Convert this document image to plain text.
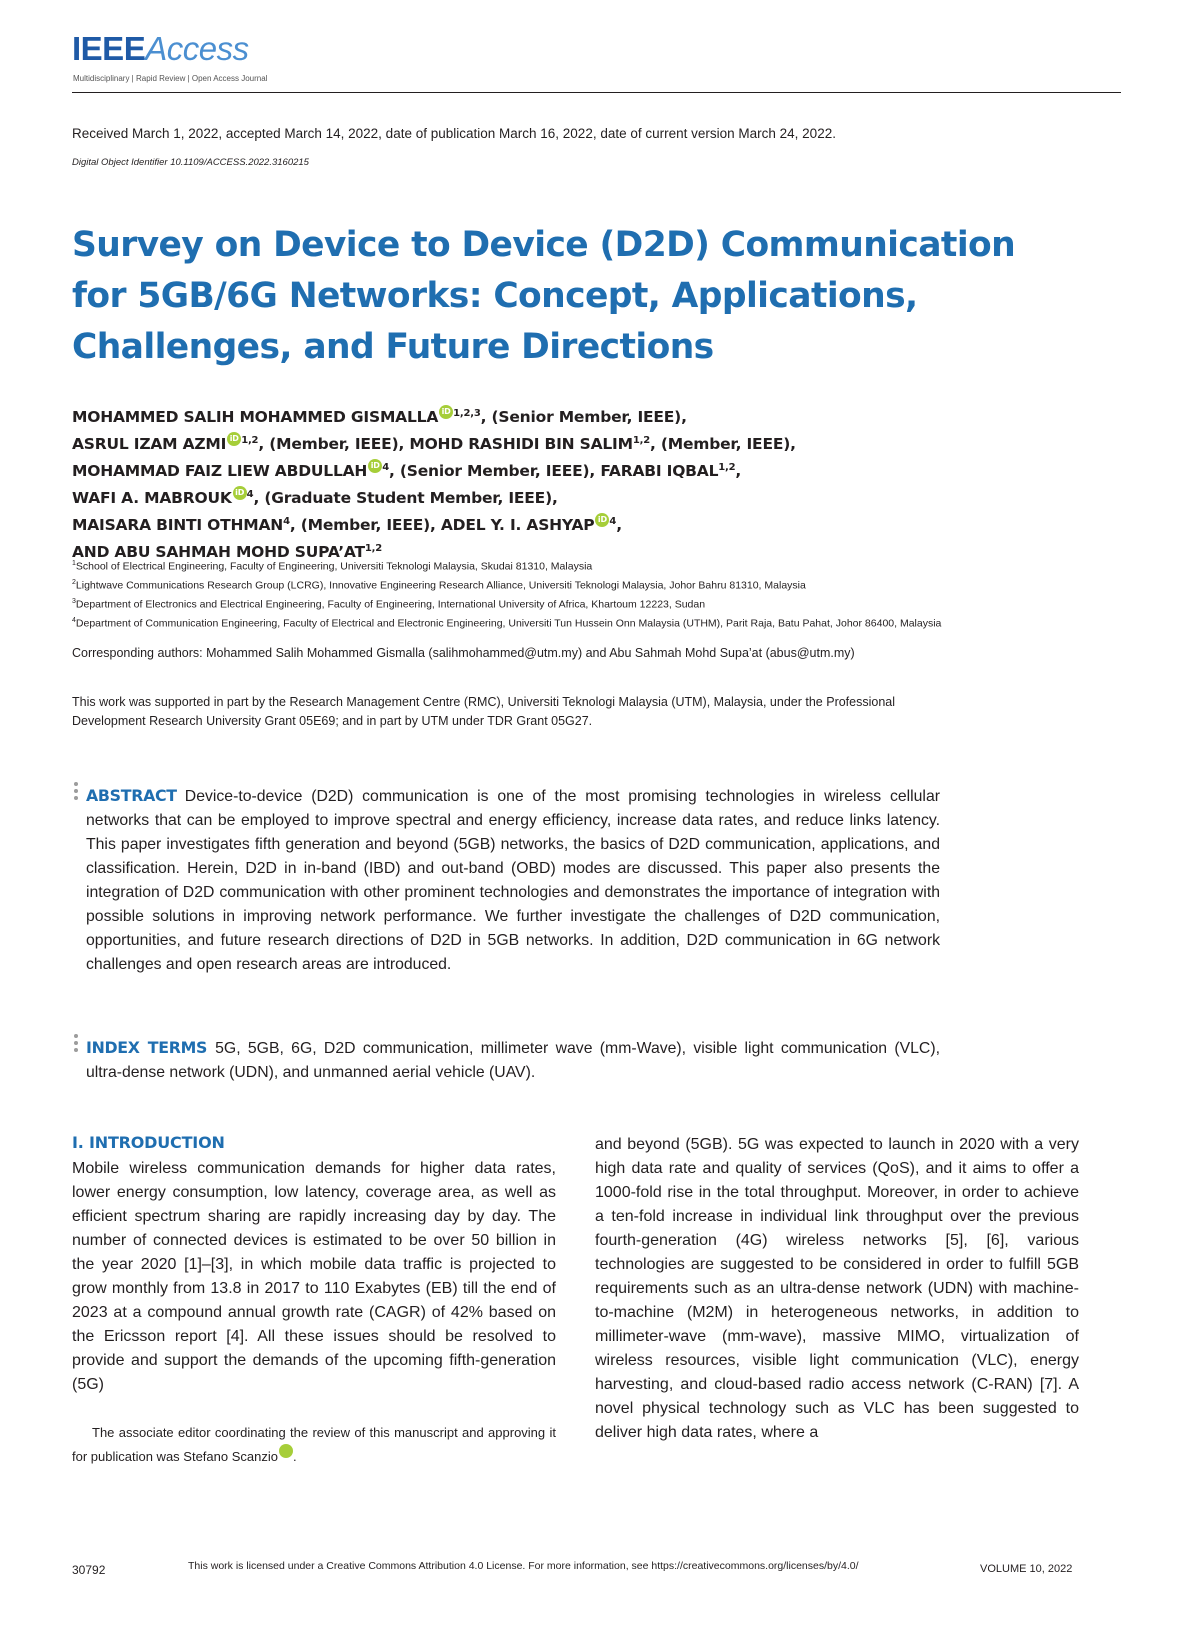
IEEEAccess
Multidisciplinary | Rapid Review | Open Access Journal
Received March 1, 2022, accepted March 14, 2022, date of publication March 16, 2022, date of current version March 24, 2022.
Digital Object Identifier 10.1109/ACCESS.2022.3160215
Survey on Device to Device (D2D) Communication
for 5GB/6G Networks: Concept, Applications,
Challenges, and Future Directions
MOHAMMED SALIH MOHAMMED GISMALLA iD $^{1,2,3}$, (Senior Member, IEEE),
ASRUL IZAM AZMI iD $^{1,2}$, (Member, IEEE), MOHD RASHIDI BIN SALIM$^{1,2}$, (Member, IEEE),
MOHAMMAD FAIZ LIEW ABDULLAH iD $^4$, (Senior Member, IEEE), FARABI IQBAL$^{1,2}$,
WAFI A. MABROUK iD $^4$, (Graduate Student Member, IEEE),
MAISARA BINTI OTHMAN$^4$, (Member, IEEE), ADEL Y. I. ASHYAP iD $^4$,
AND ABU SAHMAH MOHD SUPA’AT$^{1,2}$
$^1$School of Electrical Engineering, Faculty of Engineering, Universiti Teknologi Malaysia, Skudai 81310, Malaysia
$^2$Lightwave Communications Research Group (LCRG), Innovative Engineering Research Alliance, Universiti Teknologi Malaysia, Johor Bahru 81310, Malaysia
$^3$Department of Electronics and Electrical Engineering, Faculty of Engineering, International University of Africa, Khartoum 12223, Sudan
$^4$Department of Communication Engineering, Faculty of Electrical and Electronic Engineering, Universiti Tun Hussein Onn Malaysia (UTHM), Parit Raja, Batu Pahat, Johor 86400, Malaysia
Corresponding authors: Mohammed Salih Mohammed Gismalla (salihmohammed@utm.my) and Abu Sahmah Mohd Supa’at (abus@utm.my)
This work was supported in part by the Research Management Centre (RMC), Universiti Teknologi Malaysia (UTM), Malaysia, under the Professional Development Research University Grant 05E69; and in part by UTM under TDR Grant 05G27.
ABSTRACT Device-to-device (D2D) communication is one of the most promising technologies in wireless cellular networks that can be employed to improve spectral and energy efficiency, increase data rates, and reduce links latency. This paper investigates fifth generation and beyond (5GB) networks, the basics of D2D communication, applications, and classification. Herein, D2D in in-band (IBD) and out-band (OBD) modes are discussed. This paper also presents the integration of D2D communication with other prominent technologies and demonstrates the importance of integration with possible solutions in improving network performance. We further investigate the challenges of D2D communication, opportunities, and future research directions of D2D in 5GB networks. In addition, D2D communication in 6G network challenges and open research areas are introduced.
INDEX TERMS 5G, 5GB, 6G, D2D communication, millimeter wave (mm-Wave), visible light communication (VLC), ultra-dense network (UDN), and unmanned aerial vehicle (UAV).
I. INTRODUCTION
Mobile wireless communication demands for higher data rates, lower energy consumption, low latency, coverage area, as well as efficient spectrum sharing are rapidly increasing day by day. The number of connected devices is estimated to be over 50 billion in the year 2020 [1]–[3], in which mobile data traffic is projected to grow monthly from 13.8 in 2017 to 110 Exabytes (EB) till the end of 2023 at a compound annual growth rate (CAGR) of 42% based on the Ericsson report [4]. All these issues should be resolved to provide and support the demands of the upcoming fifth-generation (5G)
and beyond (5GB). 5G was expected to launch in 2020 with a very high data rate and quality of services (QoS), and it aims to offer a 1000-fold rise in the total throughput. Moreover, in order to achieve a ten-fold increase in individual link throughput over the previous fourth-generation (4G) wireless networks [5], [6], various technologies are suggested to be considered in order to fulfill 5GB requirements such as an ultra-dense network (UDN) with machine-to-machine (M2M) in heterogeneous networks, in addition to millimeter-wave (mm-wave), massive MIMO, virtualization of wireless resources, visible light communication (VLC), energy harvesting, and cloud-based radio access network (C-RAN) [7]. A novel physical technology such as VLC has been suggested to deliver high data rates, where a
The associate editor coordinating the review of this manuscript and approving it for publication was Stefano Scanzio	iD.
30792	This work is licensed under a Creative Commons Attribution 4.0 License. For more information, see https://creativecommons.org/licenses/by/4.0/	VOLUME 10, 2022
